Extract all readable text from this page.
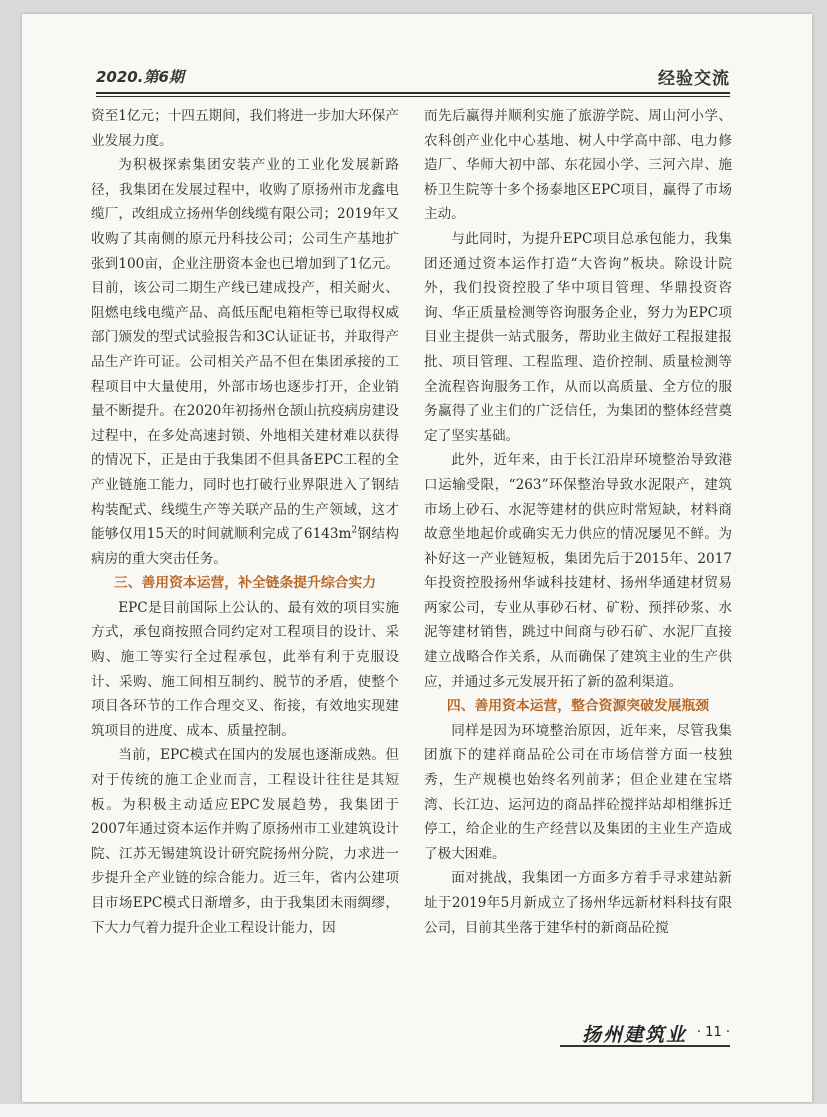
2020.第6期	经验交流

资至1亿元；十四五期间，我们将进一步加大环保产业发展力度。

为积极探索集团安装产业的工业化发展新路径，我集团在发展过程中，收购了原扬州市龙鑫电缆厂，改组成立扬州华创线缆有限公司；2019年又收购了其南侧的原元丹科技公司；公司生产基地扩张到100亩，企业注册资本金也已增加到了1亿元。目前，该公司二期生产线已建成投产，相关耐火、阻燃电线电缆产品、高低压配电箱柜等已取得权威部门颁发的型式试验报告和3C认证证书，并取得产品生产许可证。公司相关产品不但在集团承接的工程项目中大量使用，外部市场也逐步打开，企业销量不断提升。在2020年初扬州仓颉山抗疫病房建设过程中，在多处高速封锁、外地相关建材难以获得的情况下，正是由于我集团不但具备EPC工程的全产业链施工能力，同时也打破行业界限进入了钢结构装配式、线缆生产等关联产品的生产领域，这才能够仅用15天的时间就顺利完成了$6143m^2$钢结构病房的重大突击任务。

三、善用资本运营，补全链条提升综合实力

EPC是目前国际上公认的、最有效的项目实施方式，承包商按照合同约定对工程项目的设计、采购、施工等实行全过程承包，此举有利于克服设计、采购、施工间相互制约、脱节的矛盾，使整个项目各环节的工作合理交叉、衔接，有效地实现建筑项目的进度、成本、质量控制。

当前，EPC模式在国内的发展也逐渐成熟。但对于传统的施工企业而言，工程设计往往是其短板。为积极主动适应EPC发展趋势，我集团于2007年通过资本运作并购了原扬州市工业建筑设计院、江苏无锡建筑设计研究院扬州分院，力求进一步提升全产业链的综合能力。近三年，省内公建项目市场EPC模式日渐增多，由于我集团未雨绸缪，下大力气着力提升企业工程设计能力，因

而先后赢得并顺利实施了旅游学院、周山河小学、农科创产业化中心基地、树人中学高中部、电力修造厂、华师大初中部、东花园小学、三河六岸、施桥卫生院等十多个扬泰地区EPC项目，赢得了市场主动。

与此同时，为提升EPC项目总承包能力，我集团还通过资本运作打造“大咨询”板块。除设计院外，我们投资控股了华中项目管理、华鼎投资咨询、华正质量检测等咨询服务企业，努力为EPC项目业主提供一站式服务，帮助业主做好工程报建报批、项目管理、工程监理、造价控制、质量检测等全流程咨询服务工作，从而以高质量、全方位的服务赢得了业主们的广泛信任，为集团的整体经营奠定了坚实基础。

此外，近年来，由于长江沿岸环境整治导致港口运输受限，“263”环保整治导致水泥限产，建筑市场上砂石、水泥等建材的供应时常短缺，材料商故意坐地起价或确实无力供应的情况屡见不鲜。为补好这一产业链短板，集团先后于2015年、2017年投资控股扬州华诚科技建材、扬州华通建材贸易两家公司，专业从事砂石材、矿粉、预拌砂浆、水泥等建材销售，跳过中间商与砂石矿、水泥厂直接建立战略合作关系，从而确保了建筑主业的生产供应，并通过多元发展开拓了新的盈利渠道。

四、善用资本运营，整合资源突破发展瓶颈

同样是因为环境整治原因，近年来，尽管我集团旗下的建祥商品砼公司在市场信誉方面一枝独秀，生产规模也始终名列前茅；但企业建在宝塔湾、长江边、运河边的商品拌砼搅拌站却相继拆迁停工，给企业的生产经营以及集团的主业生产造成了极大困难。

面对挑战，我集团一方面多方着手寻求建站新址于2019年5月新成立了扬州华远新材料科技有限公司，目前其坐落于建华村的新商品砼搅

扬州建筑业 · 11 ·
